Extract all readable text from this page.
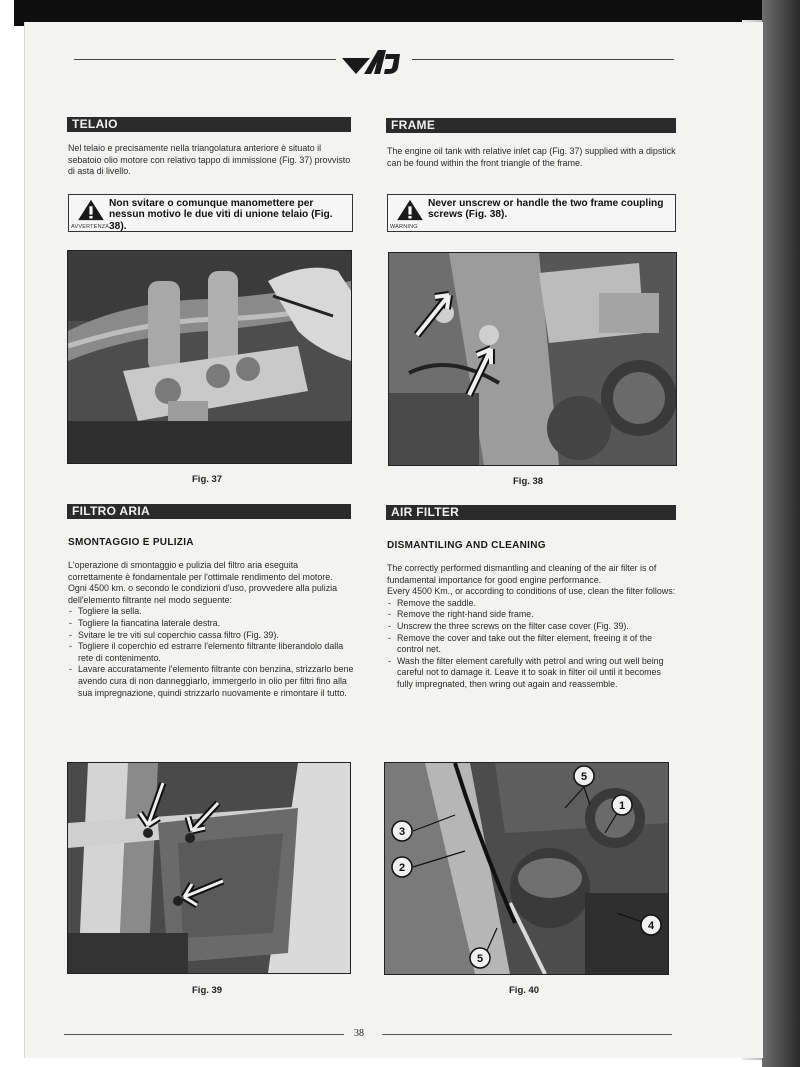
TELAIO

Nel telaio e precisamente nella triangolatura anteriore è situato il sebatoio olio motore con relativo tappo di immissione (Fig. 37) provvisto di asta di livello.

AVVERTENZA
Non svitare o comunque manomettere per nessun motivo le due viti di unione telaio (Fig. 38).
Fig. 37
FILTRO ARIA
SMONTAGGIO E PULIZIA

L'operazione di smontaggio e pulizia del filtro aria eseguita correttamente è fondamentale per l'ottimale rendimento del motore.

Ogni 4500 km. o secondo le condizioni d'uso, provvedere alla pulizia dell'elemento filtrante nel modo seguente:

- Togliere la sella.
- Togliere la fiancatina laterale destra.
- Svitare le tre viti sul coperchio cassa filtro (Fig. 39).
- Togliere il coperchio ed estrarre l'elemento filtrante liberandolo dalla rete di contenimento.
- Lavare accuratamente l'elemento filtrante con benzina, strizzarlo bene avendo cura di non danneggiarlo, immergerlo in olio per filtri fino alla sua impregnazione, quindi strizzarlo nuovamente e rimontare il tutto.
Fig. 39
FRAME

The engine oil tank with relative inlet cap (Fig. 37) supplied with a dipstick can be found within the front triangle of the frame.

WARNING
Never unscrew or handle the two frame coupling screws (Fig. 38).
Fig. 38
AIR FILTER
DISMANTILING AND CLEANING

The correctly performed dismantling and cleaning of the air filter is of fundamental importance for good engine performance.

Every 4500 Km., or according to conditions of use, clean the filter follows:

- Remove the saddle.
- Remove the right-hand side frame.
- Unscrew the three screws on the filter case cover (Fig. 39).
- Remove the cover and take out the filter element, freeing it of the control net.
- Wash the filter element carefully with petrol and wring out well being careful not to damage it. Leave it to soak in filter oil until it becomes fully impregnated, then wring out again and reassemble.
5
1
3
2
4
5
Fig. 40
38
